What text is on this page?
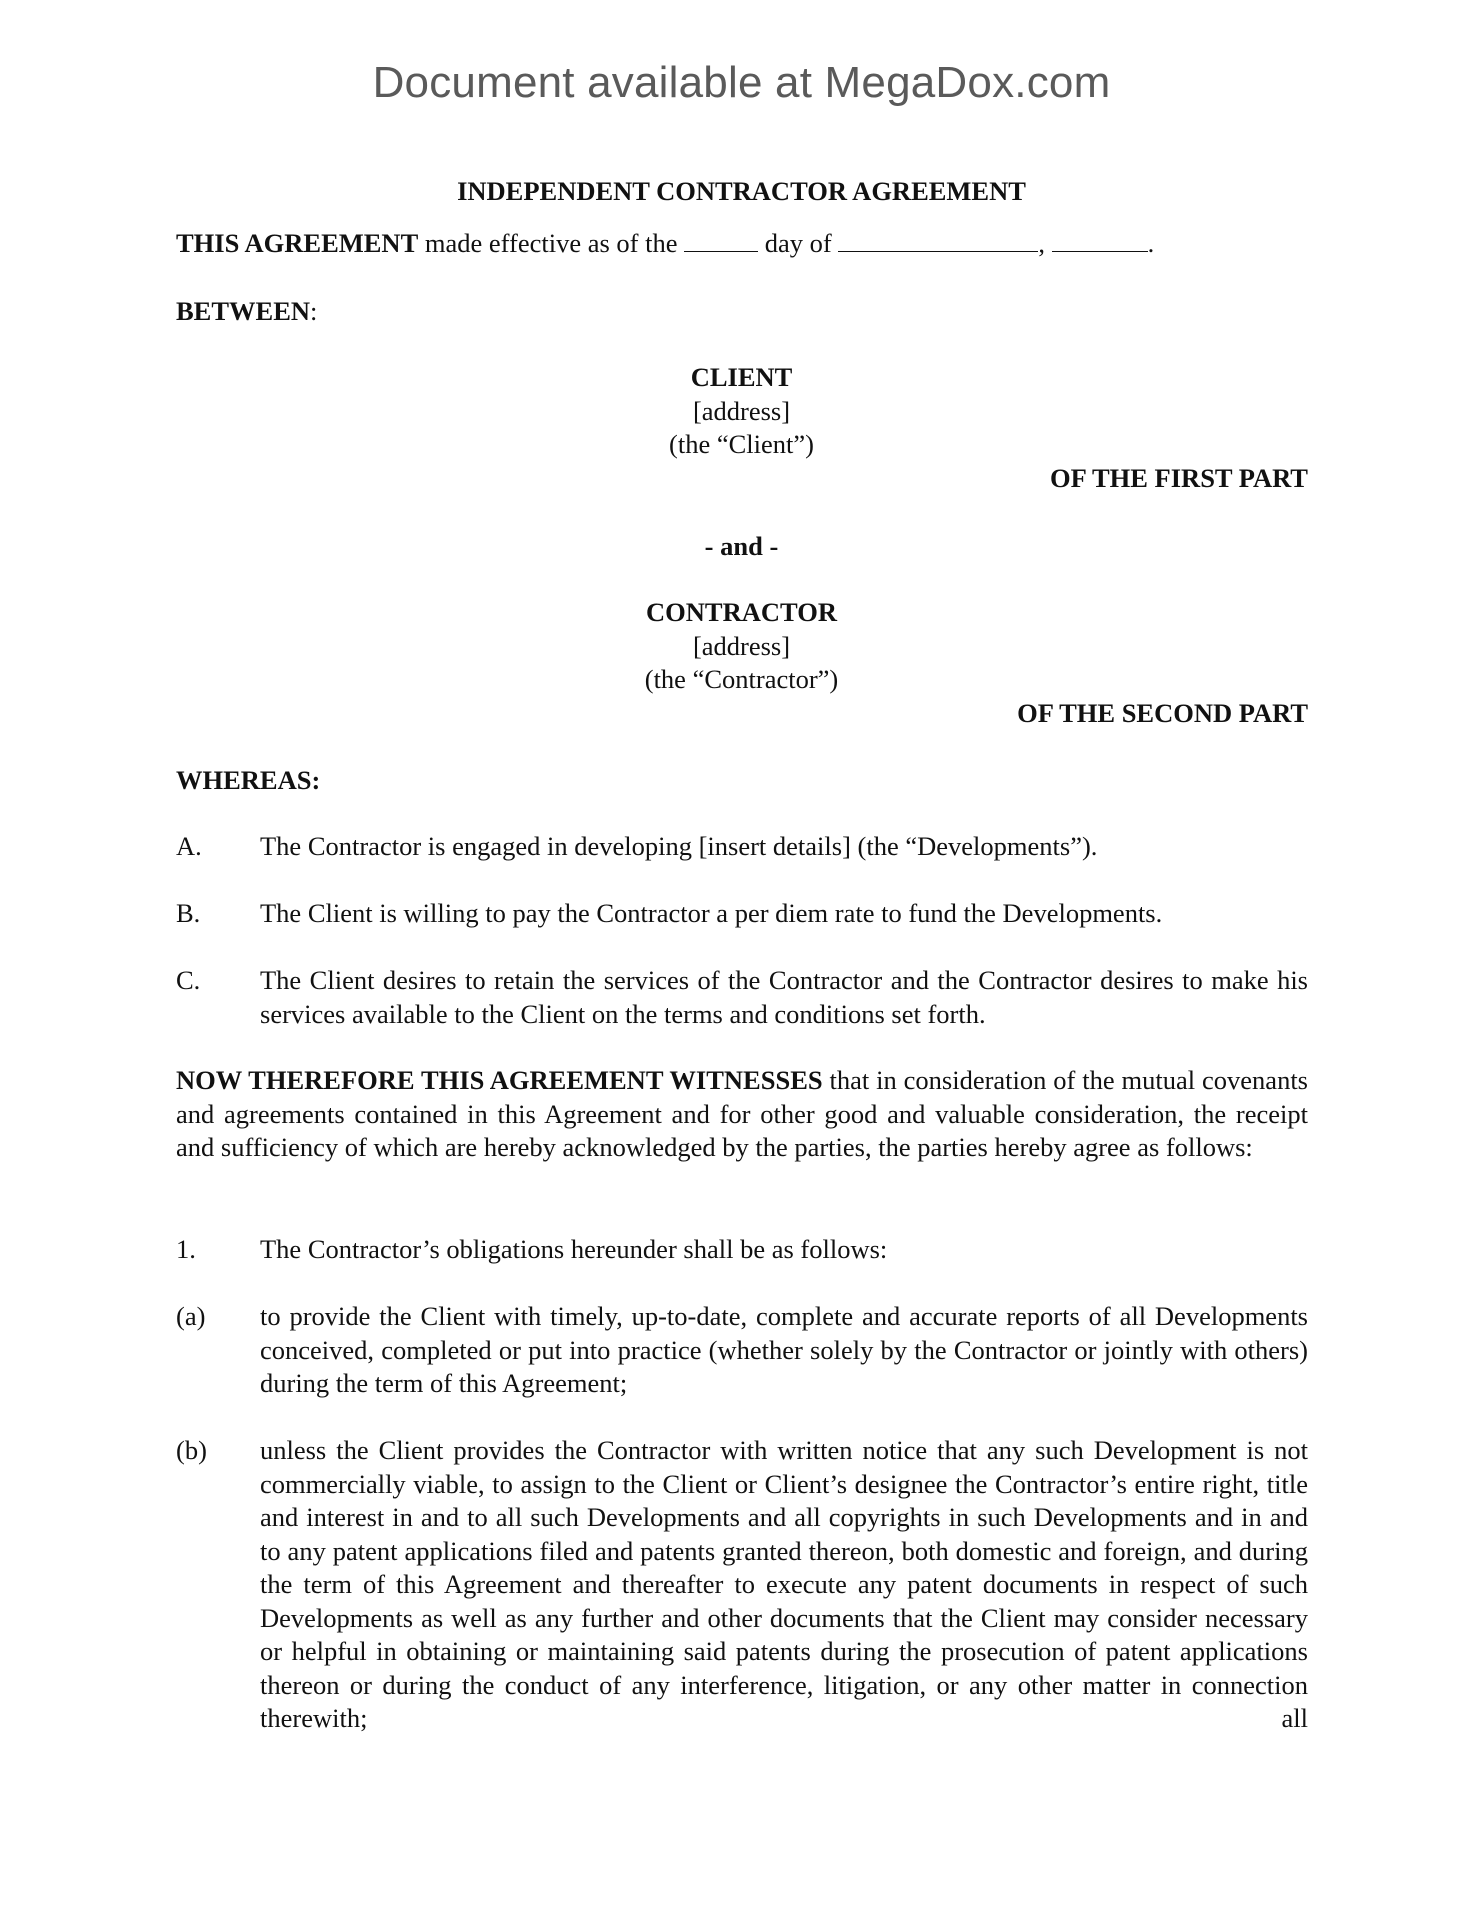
Document available at MegaDox.com
INDEPENDENT CONTRACTOR AGREEMENT
THIS AGREEMENT made effective as of the	day of	,	.
BETWEEN:
CLIENT
[address]
(the “Client”)
OF THE FIRST PART
- and -
CONTRACTOR
[address]
(the “Contractor”)
OF THE SECOND PART
WHEREAS:
A. The Contractor is engaged in developing [insert details] (the “Developments”).
B. The Client is willing to pay the Contractor a per diem rate to fund the Developments.
C. The Client desires to retain the services of the Contractor and the Contractor desires to make his services available to the Client on the terms and conditions set forth.
NOW THEREFORE THIS AGREEMENT WITNESSES that in consideration of the mutual covenants and agreements contained in this Agreement and for other good and valuable consideration, the receipt and sufficiency of which are hereby acknowledged by the parties, the parties hereby agree as follows:
1. The Contractor’s obligations hereunder shall be as follows:
(a) to provide the Client with timely, up-to-date, complete and accurate reports of all Developments conceived, completed or put into practice (whether solely by the Contractor or jointly with others) during the term of this Agreement;
(b) unless the Client provides the Contractor with written notice that any such Development is not commercially viable, to assign to the Client or Client’s designee the Contractor’s entire right, title and interest in and to all such Developments and all copyrights in such Developments and in and to any patent applications filed and patents granted thereon, both domestic and foreign, and during the term of this Agreement and thereafter to execute any patent documents in respect of such Developments as well as any further and other documents that the Client may consider necessary or helpful in obtaining or maintaining said patents during the prosecution of patent applications thereon or during the conduct of any interference, litigation, or any other matter in connection therewith; all
